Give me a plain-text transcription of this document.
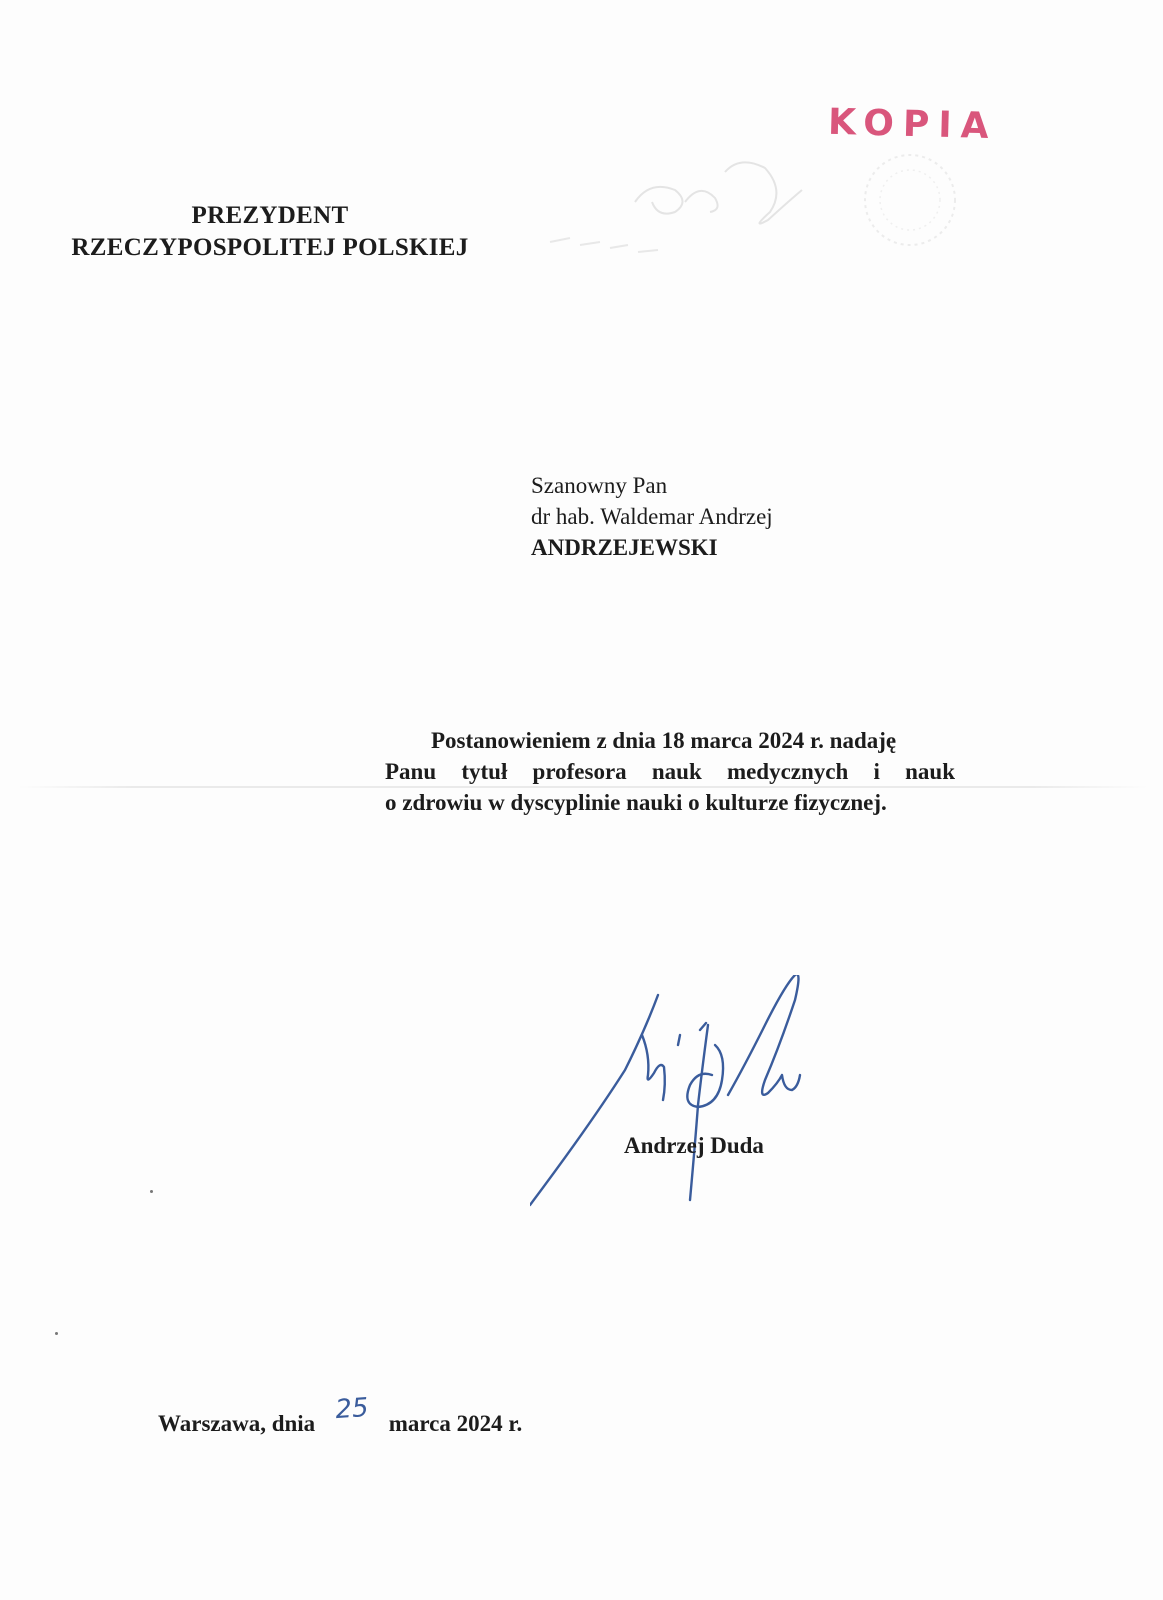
KOPIA
PREZYDENT
RZECZYPOSPOLITEJ POLSKIEJ
Szanowny Pan
dr hab. Waldemar Andrzej
ANDRZEJEWSKI
Postanowieniem z dnia 18 marca 2024 r. nadaję
Panu tytuł profesora nauk medycznych i nauk
o zdrowiu w dyscyplinie nauki o kulturze fizycznej.
Andrzej Duda
Warszawa, dnia 25 marca 2024 r.
